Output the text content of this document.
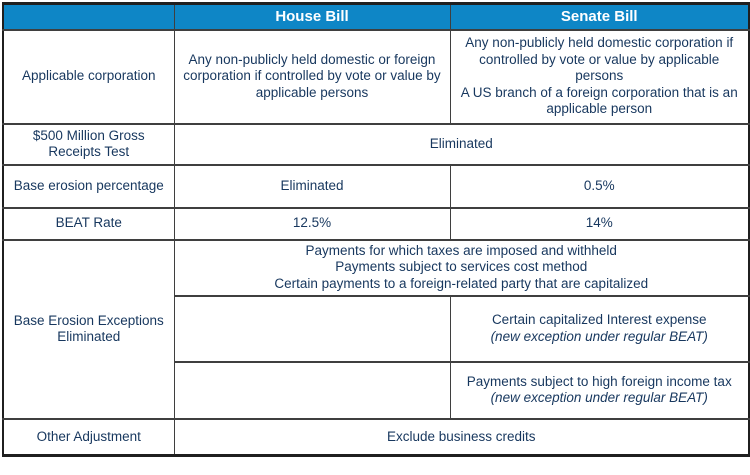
	House Bill	Senate Bill
Applicable corporation	Any non-publicly held domestic or foreign corporation if controlled by vote or value by applicable persons	Any non-publicly held domestic corporation if controlled by vote or value by applicable persons
A US branch of a foreign corporation that is an applicable person

$500 Million Gross Receipts Test	Eliminated	
Base erosion percentage	Eliminated	0.5%
BEAT Rate	12.5%	14%
Base Erosion Exceptions Eliminated	Payments for which taxes are imposed and withheld
Payments subject to services cost method
Certain payments to a foreign-related party that are capitalized	

		Certain capitalized Interest expense
(new exception under regular BEAT)

		Payments subject to high foreign income tax
(new exception under regular BEAT)

Other Adjustment	Exclude business credits	
